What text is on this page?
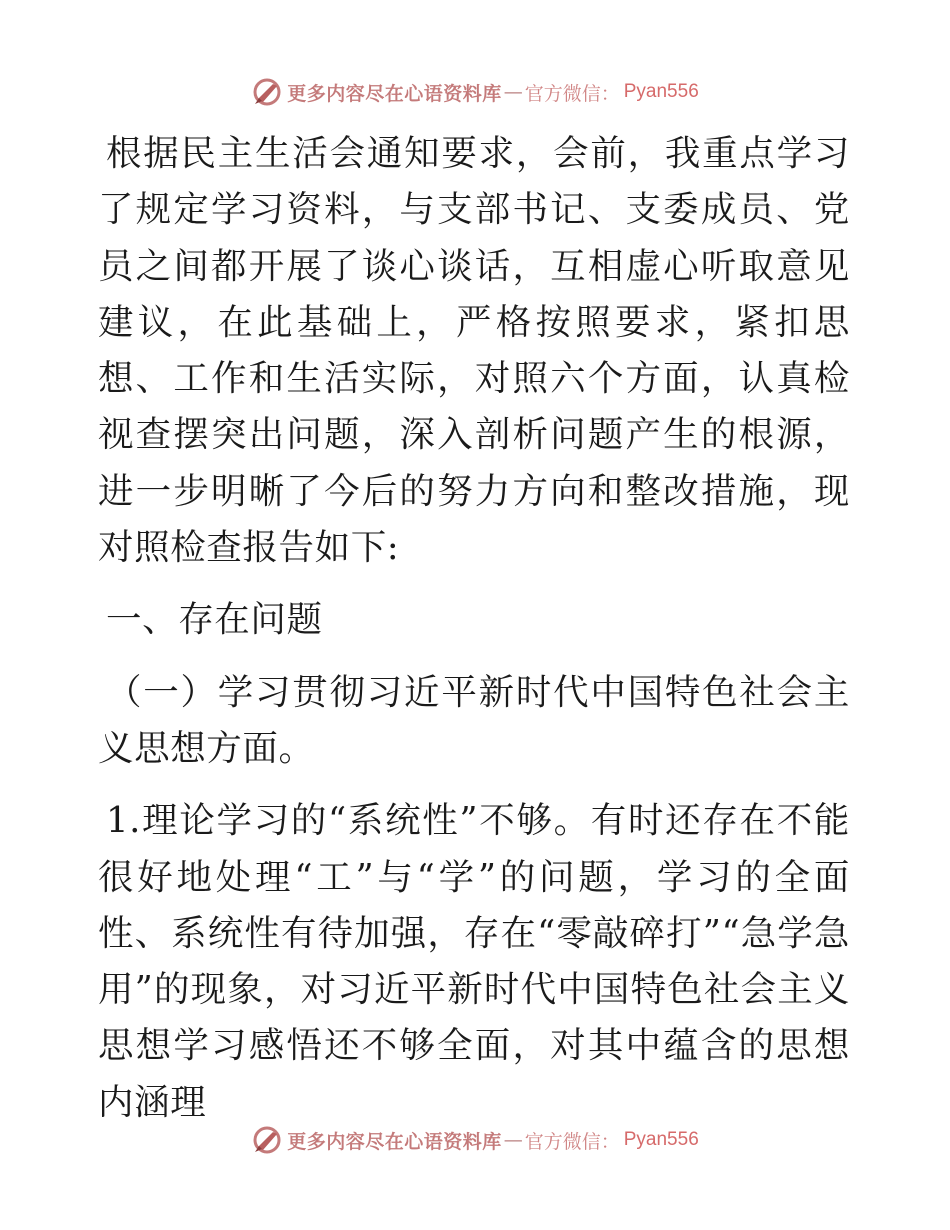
更多内容尽在心语资料库 — 官方微信： Pyan556

根据民主生活会通知要求，会前，我重点学习了规定学习资料，与支部书记、支委成员、党员之间都开展了谈心谈话，互相虚心听取意见建议，在此基础上，严格按照要求，紧扣思想、工作和生活实际，对照六个方面，认真检视查摆突出问题，深入剖析问题产生的根源，进一步明晰了今后的努力方向和整改措施，现对照检查报告如下:

一、存在问题

（一）学习贯彻习近平新时代中国特色社会主义思想方面。

1.理论学习的“系统性”不够。有时还存在不能很好地处理“工”与“学”的问题，学习的全面性、系统性有待加强，存在“零敲碎打”“急学急用”的现象，对习近平新时代中国特色社会主义思想学习感悟还不够全面，对其中蕴含的思想内涵理

更多内容尽在心语资料库 — 官方微信： Pyan556
